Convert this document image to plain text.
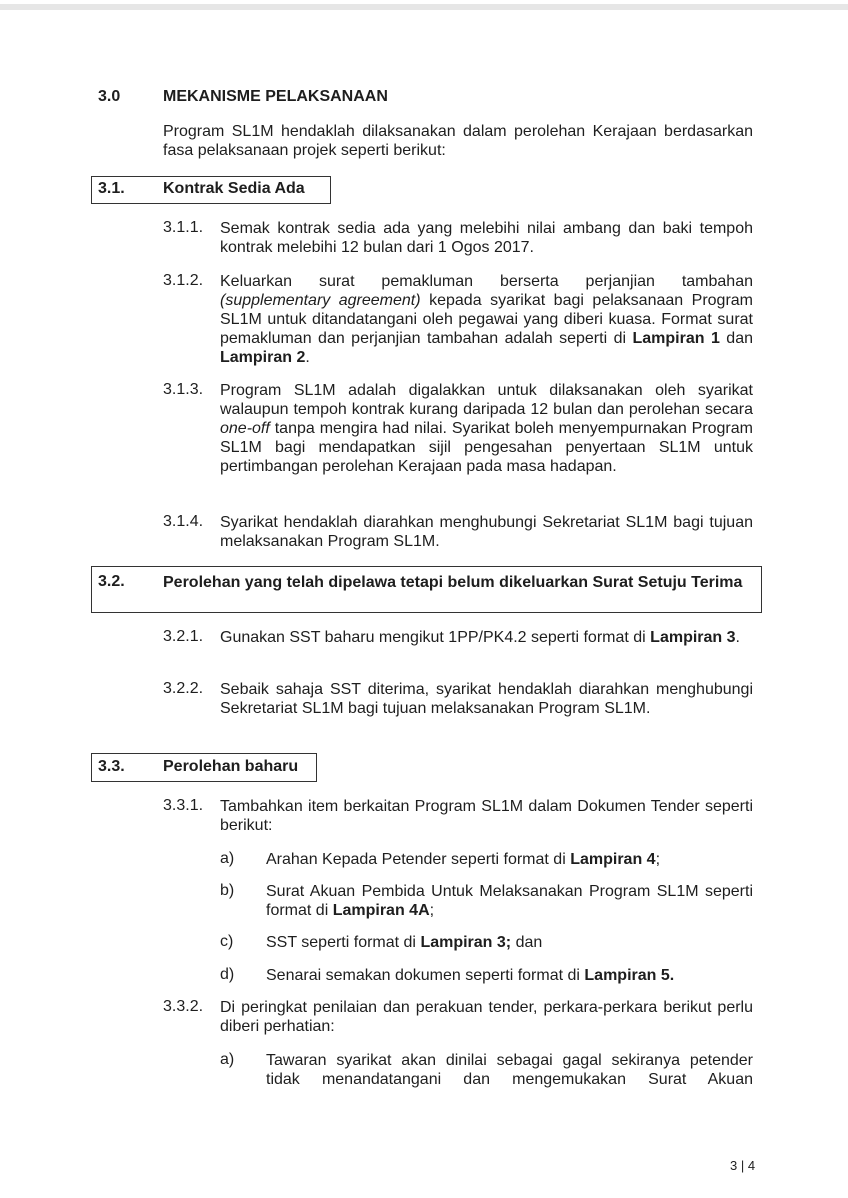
3.0	MEKANISME PELAKSANAAN
Program SL1M hendaklah dilaksanakan dalam perolehan Kerajaan berdasarkan fasa pelaksanaan projek seperti berikut:
3.1. Kontrak Sedia Ada
3.1.1. Semak kontrak sedia ada yang melebihi nilai ambang dan baki tempoh kontrak melebihi 12 bulan dari 1 Ogos 2017.
3.1.2. Keluarkan surat pemakluman berserta perjanjian tambahan (supplementary agreement) kepada syarikat bagi pelaksanaan Program SL1M untuk ditandatangani oleh pegawai yang diberi kuasa. Format surat pemakluman dan perjanjian tambahan adalah seperti di Lampiran 1 dan Lampiran 2.
3.1.3. Program SL1M adalah digalakkan untuk dilaksanakan oleh syarikat walaupun tempoh kontrak kurang daripada 12 bulan dan perolehan secara one-off tanpa mengira had nilai. Syarikat boleh menyempurnakan Program SL1M bagi mendapatkan sijil pengesahan penyertaan SL1M untuk pertimbangan perolehan Kerajaan pada masa hadapan.
3.1.4. Syarikat hendaklah diarahkan menghubungi Sekretariat SL1M bagi tujuan melaksanakan Program SL1M.
3.2. Perolehan yang telah dipelawa tetapi belum dikeluarkan Surat Setuju Terima
3.2.1. Gunakan SST baharu mengikut 1PP/PK4.2 seperti format di Lampiran 3.
3.2.2. Sebaik sahaja SST diterima, syarikat hendaklah diarahkan menghubungi Sekretariat SL1M bagi tujuan melaksanakan Program SL1M.
3.3. Perolehan baharu
3.3.1. Tambahkan item berkaitan Program SL1M dalam Dokumen Tender seperti berikut:
a) Arahan Kepada Petender seperti format di Lampiran 4;
b) Surat Akuan Pembida Untuk Melaksanakan Program SL1M seperti format di Lampiran 4A;
c) SST seperti format di Lampiran 3; dan
d) Senarai semakan dokumen seperti format di Lampiran 5.
3.3.2. Di peringkat penilaian dan perakuan tender, perkara-perkara berikut perlu diberi perhatian:
a) Tawaran syarikat akan dinilai sebagai gagal sekiranya petender tidak menandatangani dan mengemukakan Surat Akuan
3 | 4
